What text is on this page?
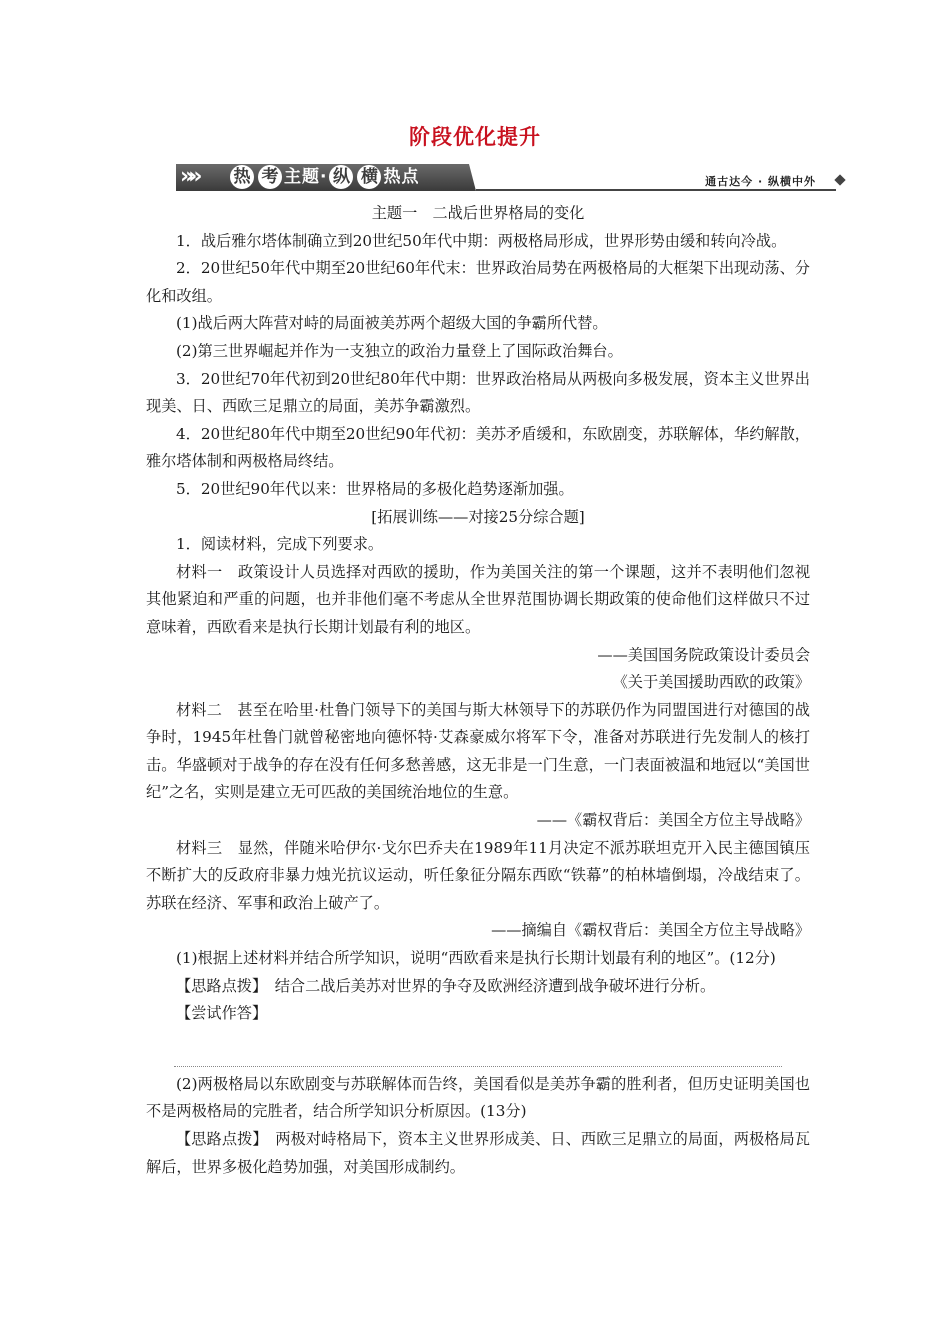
阶段优化提升
»»	热 考 主题· 纵 横 热点	通古达今 · 纵横中外

主题一　二战后世界格局的变化

1．战后雅尔塔体制确立到20世纪50年代中期：两极格局形成，世界形势由缓和转向冷战。

2．20世纪50年代中期至20世纪60年代末：世界政治局势在两极格局的大框架下出现动荡、分化和改组。

(1)战后两大阵营对峙的局面被美苏两个超级大国的争霸所代替。

(2)第三世界崛起并作为一支独立的政治力量登上了国际政治舞台。

3．20世纪70年代初到20世纪80年代中期：世界政治格局从两极向多极发展，资本主义世界出现美、日、西欧三足鼎立的局面，美苏争霸激烈。

4．20世纪80年代中期至20世纪90年代初：美苏矛盾缓和，东欧剧变，苏联解体，华约解散，雅尔塔体制和两极格局终结。

5．20世纪90年代以来：世界格局的多极化趋势逐渐加强。

[拓展训练——对接25分综合题]

1．阅读材料，完成下列要求。

材料一　政策设计人员选择对西欧的援助，作为美国关注的第一个课题，这并不表明他们忽视其他紧迫和严重的问题，也并非他们毫不考虑从全世界范围协调长期政策的使命他们这样做只不过意味着，西欧看来是执行长期计划最有利的地区。

——美国国务院政策设计委员会

《关于美国援助西欧的政策》

材料二　甚至在哈里·杜鲁门领导下的美国与斯大林领导下的苏联仍作为同盟国进行对德国的战争时，1945年杜鲁门就曾秘密地向德怀特·艾森豪威尔将军下令，准备对苏联进行先发制人的核打击。华盛顿对于战争的存在没有任何多愁善感，这无非是一门生意，一门表面被温和地冠以“美国世纪”之名，实则是建立无可匹敌的美国统治地位的生意。

——《霸权背后：美国全方位主导战略》

材料三　显然，伴随米哈伊尔·戈尔巴乔夫在1989年11月决定不派苏联坦克开入民主德国镇压不断扩大的反政府非暴力烛光抗议运动，听任象征分隔东西欧“铁幕”的柏林墙倒塌，冷战结束了。苏联在经济、军事和政治上破产了。

——摘编自《霸权背后：美国全方位主导战略》

(1)根据上述材料并结合所学知识，说明“西欧看来是执行长期计划最有利的地区”。(12分)

【思路点拨】　结合二战后美苏对世界的争夺及欧洲经济遭到战争破坏进行分析。

【尝试作答】

(2)两极格局以东欧剧变与苏联解体而告终，美国看似是美苏争霸的胜利者，但历史证明美国也不是两极格局的完胜者，结合所学知识分析原因。(13分)

【思路点拨】　两极对峙格局下，资本主义世界形成美、日、西欧三足鼎立的局面，两极格局瓦解后，世界多极化趋势加强，对美国形成制约。
